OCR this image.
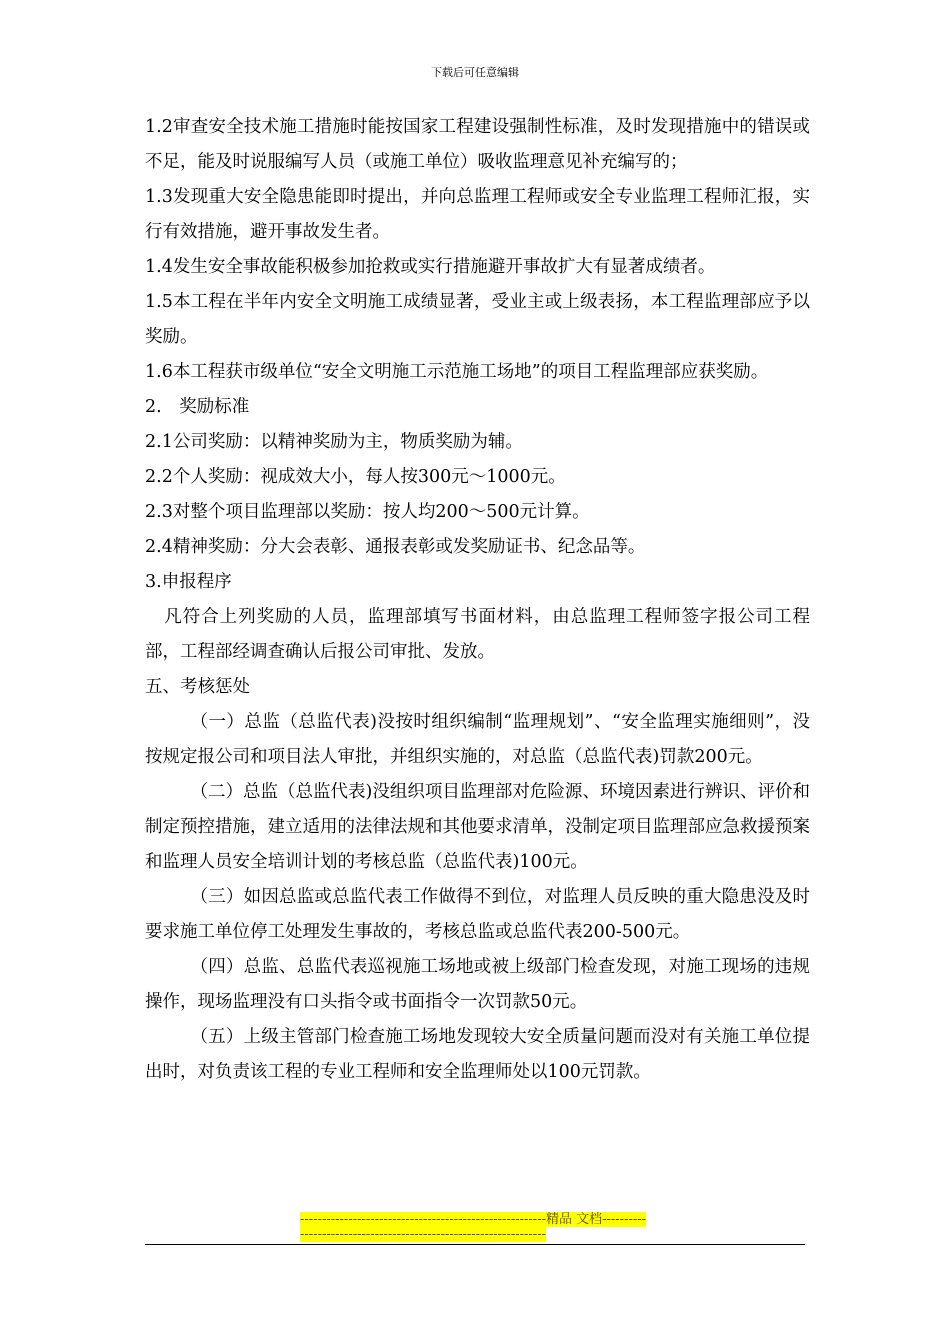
下载后可任意编辑

1.2审查安全技术施工措施时能按国家工程建设强制性标准，及时发现措施中的错误或不足，能及时说服编写人员（或施工单位）吸收监理意见补充编写的；

1.3发现重大安全隐患能即时提出，并向总监理工程师或安全专业监理工程师汇报，实行有效措施，避开事故发生者。

1.4发生安全事故能积极参加抢救或实行措施避开事故扩大有显著成绩者。

1.5本工程在半年内安全文明施工成绩显著，受业主或上级表扬，本工程监理部应予以奖励。

1.6本工程获市级单位“安全文明施工示范施工场地”的项目工程监理部应获奖励。

2.　奖励标准

2.1公司奖励：以精神奖励为主，物质奖励为辅。

2.2个人奖励：视成效大小，每人按300元～1000元。

2.3对整个项目监理部以奖励：按人均200～500元计算。

2.4精神奖励：分大会表彰、通报表彰或发奖励证书、纪念品等。

3.申报程序

凡符合上列奖励的人员，监理部填写书面材料，由总监理工程师签字报公司工程部，工程部经调查确认后报公司审批、发放。

五、考核惩处

（一）总监（总监代表)没按时组织编制“监理规划”、“安全监理实施细则”，没按规定报公司和项目法人审批，并组织实施的，对总监（总监代表)罚款200元。

（二）总监（总监代表)没组织项目监理部对危险源、环境因素进行辨识、评价和制定预控措施，建立适用的法律法规和其他要求清单，没制定项目监理部应急救援预案和监理人员安全培训计划的考核总监（总监代表)100元。

（三）如因总监或总监代表工作做得不到位，对监理人员反映的重大隐患没及时要求施工单位停工处理发生事故的，考核总监或总监代表200-500元。

（四）总监、总监代表巡视施工场地或被上级部门检查发现，对施工现场的违规操作，现场监理没有口头指令或书面指令一次罚款50元。

（五）上级主管部门检查施工场地发现较大安全质量问题而没对有关施工单位提出时，对负责该工程的专业工程师和安全监理师处以100元罚款。

--------------------------------------------------------精品 文档------------------------------------------------------------------
